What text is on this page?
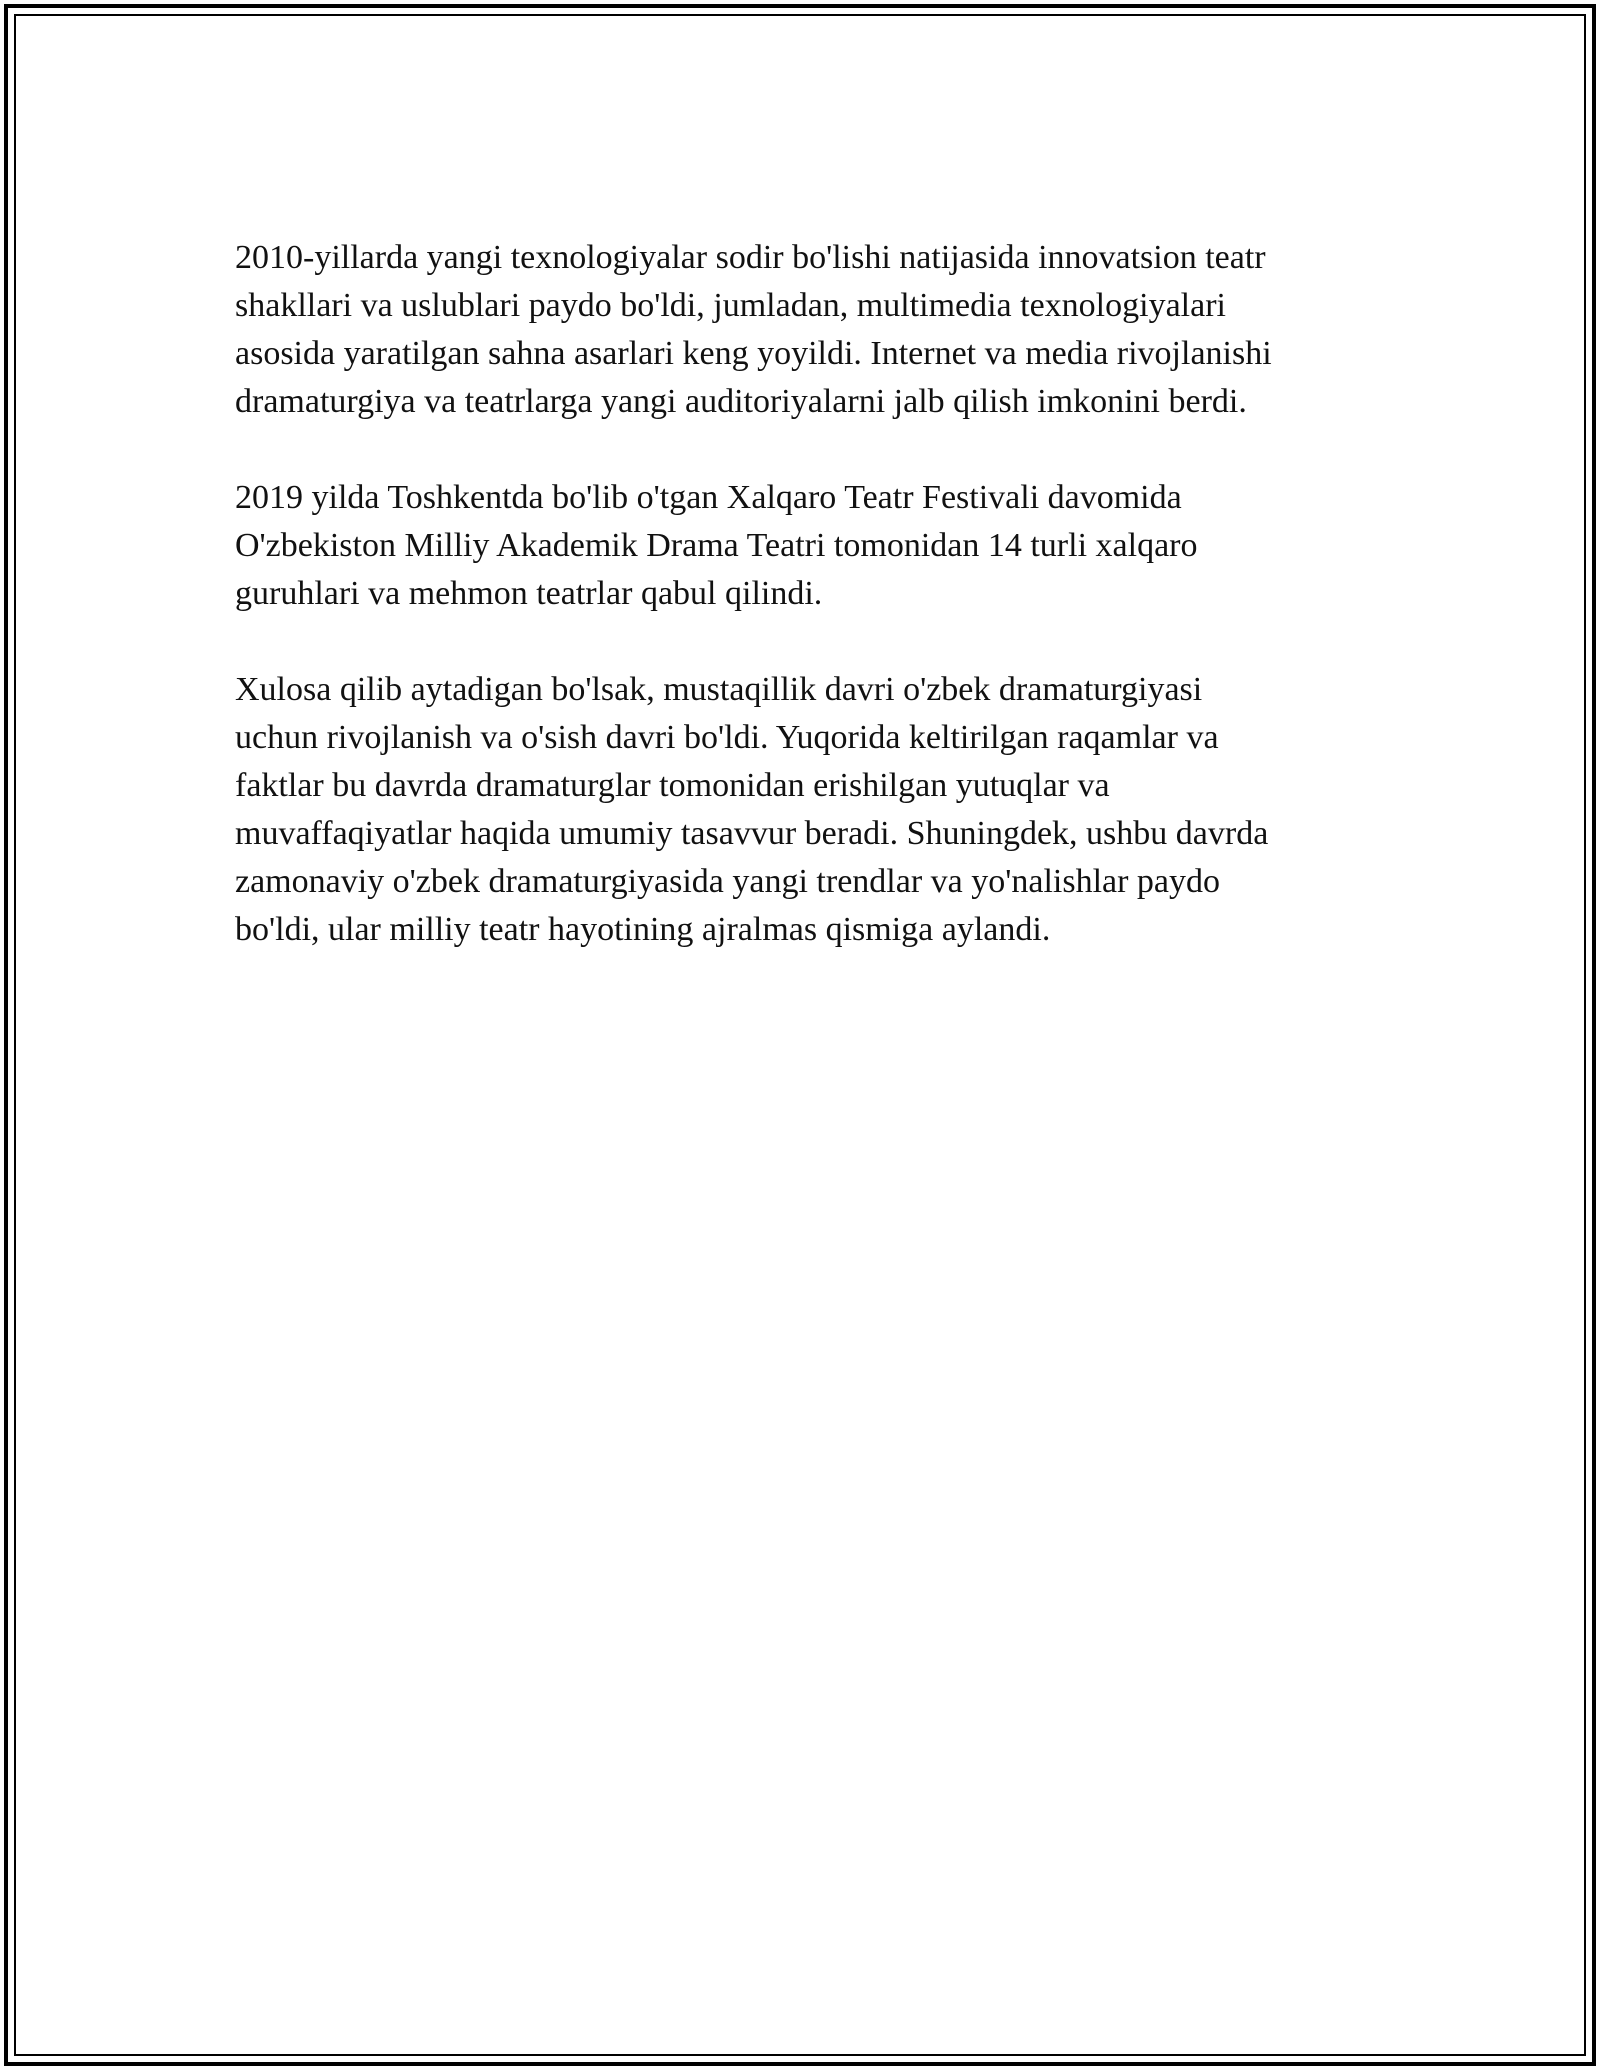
2010-yillarda yangi texnologiyalar sodir bo'lishi natijasida innovatsion teatr
shakllari va uslublari paydo bo'ldi, jumladan, multimedia texnologiyalari
asosida yaratilgan sahna asarlari keng yoyildi. Internet va media rivojlanishi
dramaturgiya va teatrlarga yangi auditoriyalarni jalb qilish imkonini berdi.

2019 yilda Toshkentda bo'lib o'tgan Xalqaro Teatr Festivali davomida
O'zbekiston Milliy Akademik Drama Teatri tomonidan 14 turli xalqaro
guruhlari va mehmon teatrlar qabul qilindi.

Xulosa qilib aytadigan bo'lsak, mustaqillik davri o'zbek dramaturgiyasi
uchun rivojlanish va o'sish davri bo'ldi. Yuqorida keltirilgan raqamlar va
faktlar bu davrda dramaturglar tomonidan erishilgan yutuqlar va
muvaffaqiyatlar haqida umumiy tasavvur beradi. Shuningdek, ushbu davrda
zamonaviy o'zbek dramaturgiyasida yangi trendlar va yo'nalishlar paydo
bo'ldi, ular milliy teatr hayotining ajralmas qismiga aylandi.
